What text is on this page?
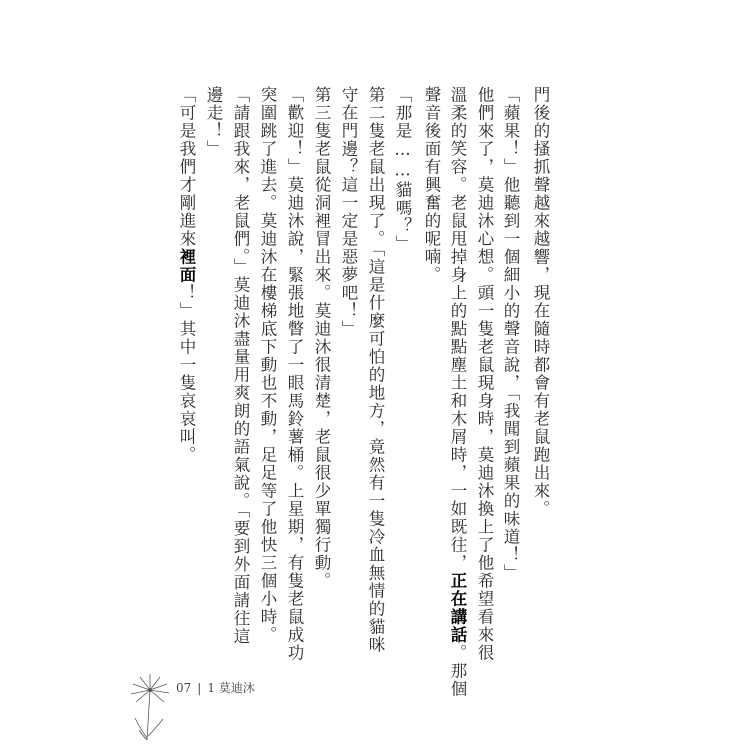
門後的搔抓聲越來越響，現在隨時都會有老鼠跑出來。

「蘋果！」他聽到一個細小的聲音說，「我聞到蘋果的味道！」

他們來了，莫迪沐心想。頭一隻老鼠現身時，莫迪沐換上了他希望看來很

溫柔的笑容。老鼠甩掉身上的點點塵土和木屑時，一如既往，正在講話。那個

聲音後面有興奮的呢喃。

「那是……貓嗎？」

第二隻老鼠出現了。「這是什麼可怕的地方，竟然有一隻冷血無情的貓咪

守在門邊？這一定是惡夢吧！」

第三隻老鼠從洞裡冒出來。莫迪沐很清楚，老鼠很少單獨行動。

「歡迎！」莫迪沐說，緊張地瞥了一眼馬鈴薯桶。上星期，有隻老鼠成功

突圍跳了進去。莫迪沐在樓梯底下動也不動，足足等了他快三個小時。

「請跟我來，老鼠們。」莫迪沐盡量用爽朗的語氣說。「要到外面請往這

邊走！」

「可是我們才剛進來裡面！」其中一隻哀哀叫。

07 | 1 莫迪沐
